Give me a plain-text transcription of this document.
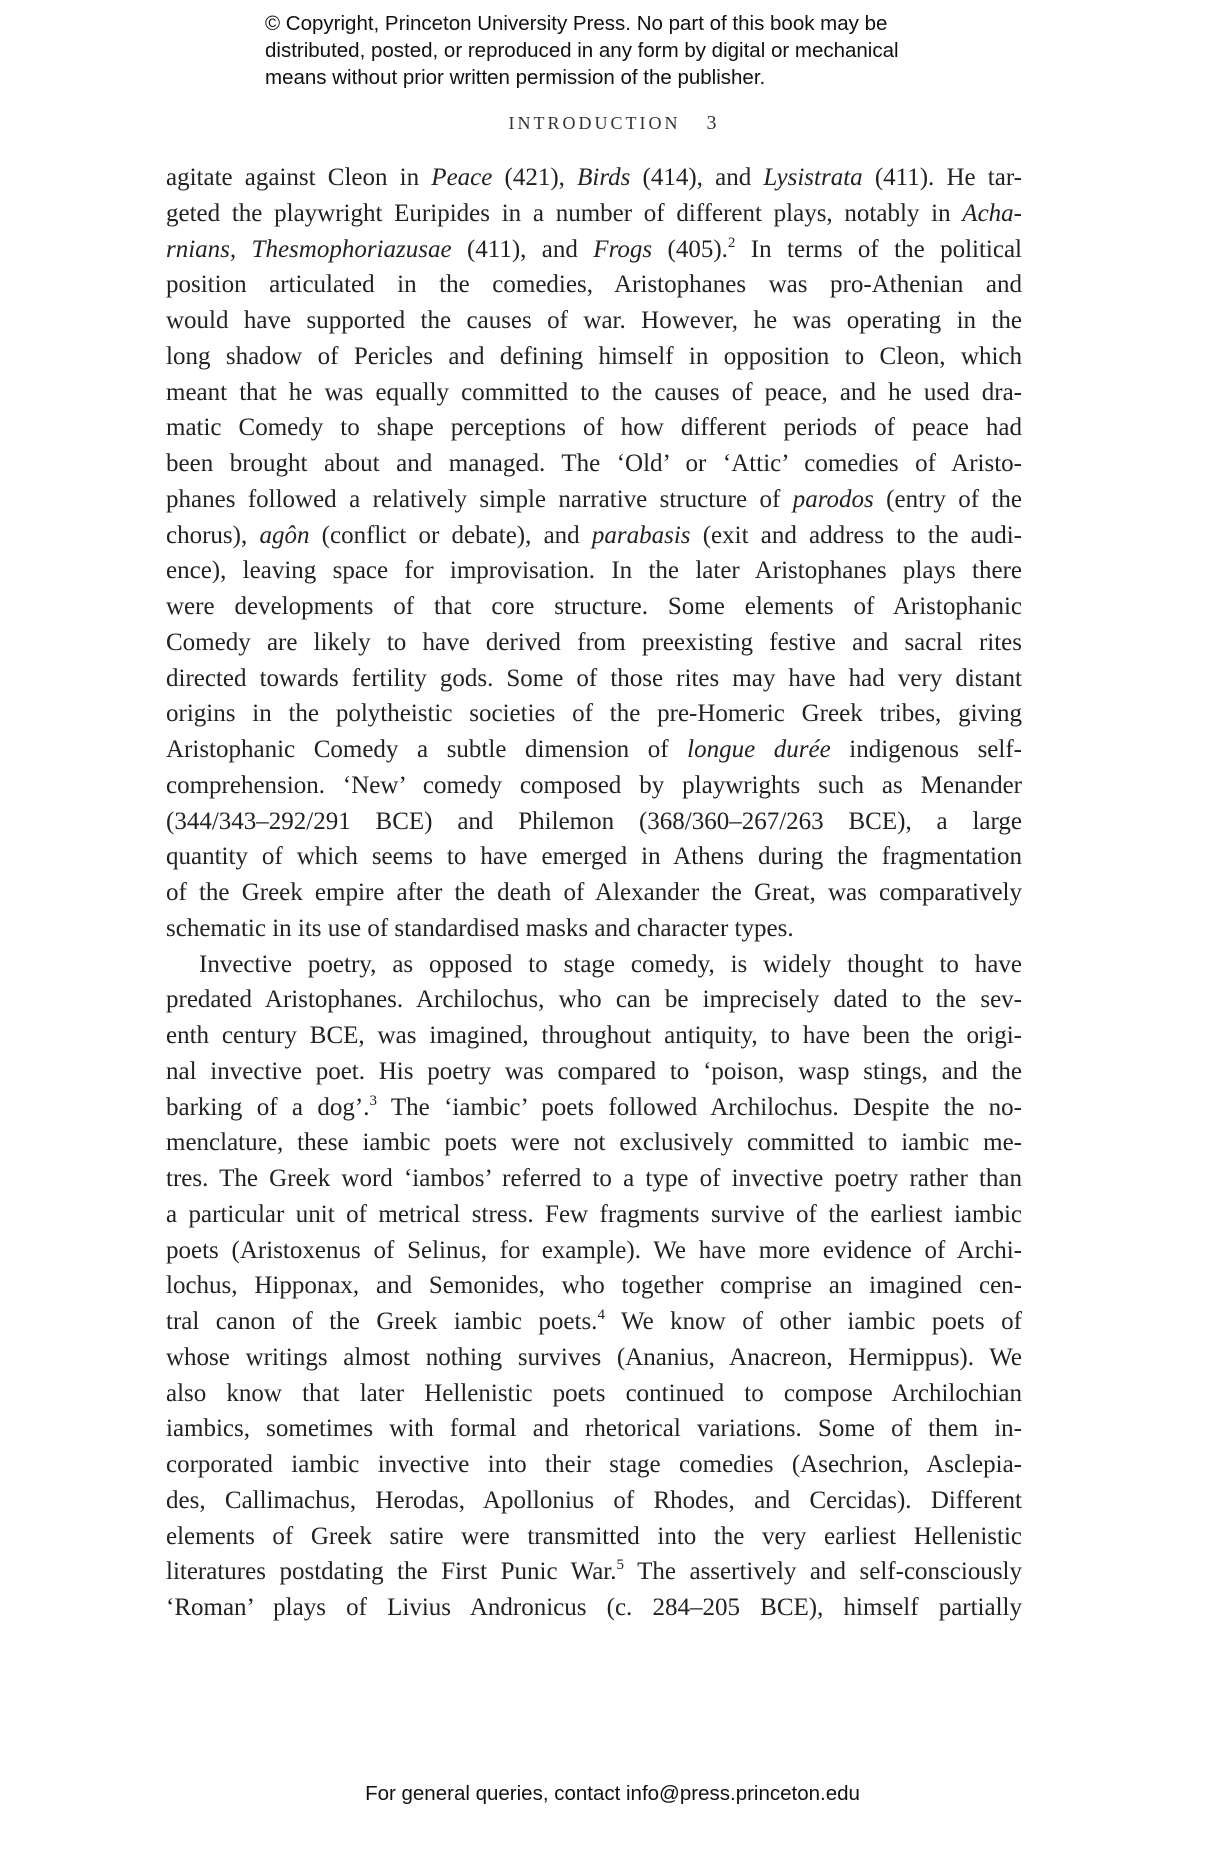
© Copyright, Princeton University Press. No part of this book may be
distributed, posted, or reproduced in any form by digital or mechanical
means without prior written permission of the publisher.
INTRODUCTION 3
agitate against Cleon in Peace (421), Birds (414), and Lysistrata (411). He tar-
geted the playwright Euripides in a number of different plays, notably in Acha-
rnians, Thesmophoriazusae (411), and Frogs (405).$^2$ In terms of the political
position articulated in the comedies, Aristophanes was pro-Athenian and
would have supported the causes of war. However, he was operating in the
long shadow of Pericles and defining himself in opposition to Cleon, which
meant that he was equally committed to the causes of peace, and he used dra-
matic Comedy to shape perceptions of how different periods of peace had
been brought about and managed. The ‘Old’ or ‘Attic’ comedies of Aristo-
phanes followed a relatively simple narrative structure of parodos (entry of the
chorus), agôn (conflict or debate), and parabasis (exit and address to the audi-
ence), leaving space for improvisation. In the later Aristophanes plays there
were developments of that core structure. Some elements of Aristophanic
Comedy are likely to have derived from preexisting festive and sacral rites
directed towards fertility gods. Some of those rites may have had very distant
origins in the polytheistic societies of the pre-Homeric Greek tribes, giving
Aristophanic Comedy a subtle dimension of longue durée indigenous self-
comprehension. ‘New’ comedy composed by playwrights such as Menander
(344/343–292/291 BCE) and Philemon (368/360–267/263 BCE), a large
quantity of which seems to have emerged in Athens during the fragmentation
of the Greek empire after the death of Alexander the Great, was comparatively
schematic in its use of standardised masks and character types.
Invective poetry, as opposed to stage comedy, is widely thought to have
predated Aristophanes. Archilochus, who can be imprecisely dated to the sev-
enth century BCE, was imagined, throughout antiquity, to have been the origi-
nal invective poet. His poetry was compared to ‘poison, wasp stings, and the
barking of a dog’.$^3$ The ‘iambic’ poets followed Archilochus. Despite the no-
menclature, these iambic poets were not exclusively committed to iambic me-
tres. The Greek word ‘iambos’ referred to a type of invective poetry rather than
a particular unit of metrical stress. Few fragments survive of the earliest iambic
poets (Aristoxenus of Selinus, for example). We have more evidence of Archi-
lochus, Hipponax, and Semonides, who together comprise an imagined cen-
tral canon of the Greek iambic poets.$^4$ We know of other iambic poets of
whose writings almost nothing survives (Ananius, Anacreon, Hermippus). We
also know that later Hellenistic poets continued to compose Archilochian
iambics, sometimes with formal and rhetorical variations. Some of them in-
corporated iambic invective into their stage comedies (Asechrion, Asclepia-
des, Callimachus, Herodas, Apollonius of Rhodes, and Cercidas). Different
elements of Greek satire were transmitted into the very earliest Hellenistic
literatures postdating the First Punic War.$^5$ The assertively and self-consciously
‘Roman’ plays of Livius Andronicus (c. 284–205 BCE), himself partially
For general queries, contact info@press.princeton.edu
